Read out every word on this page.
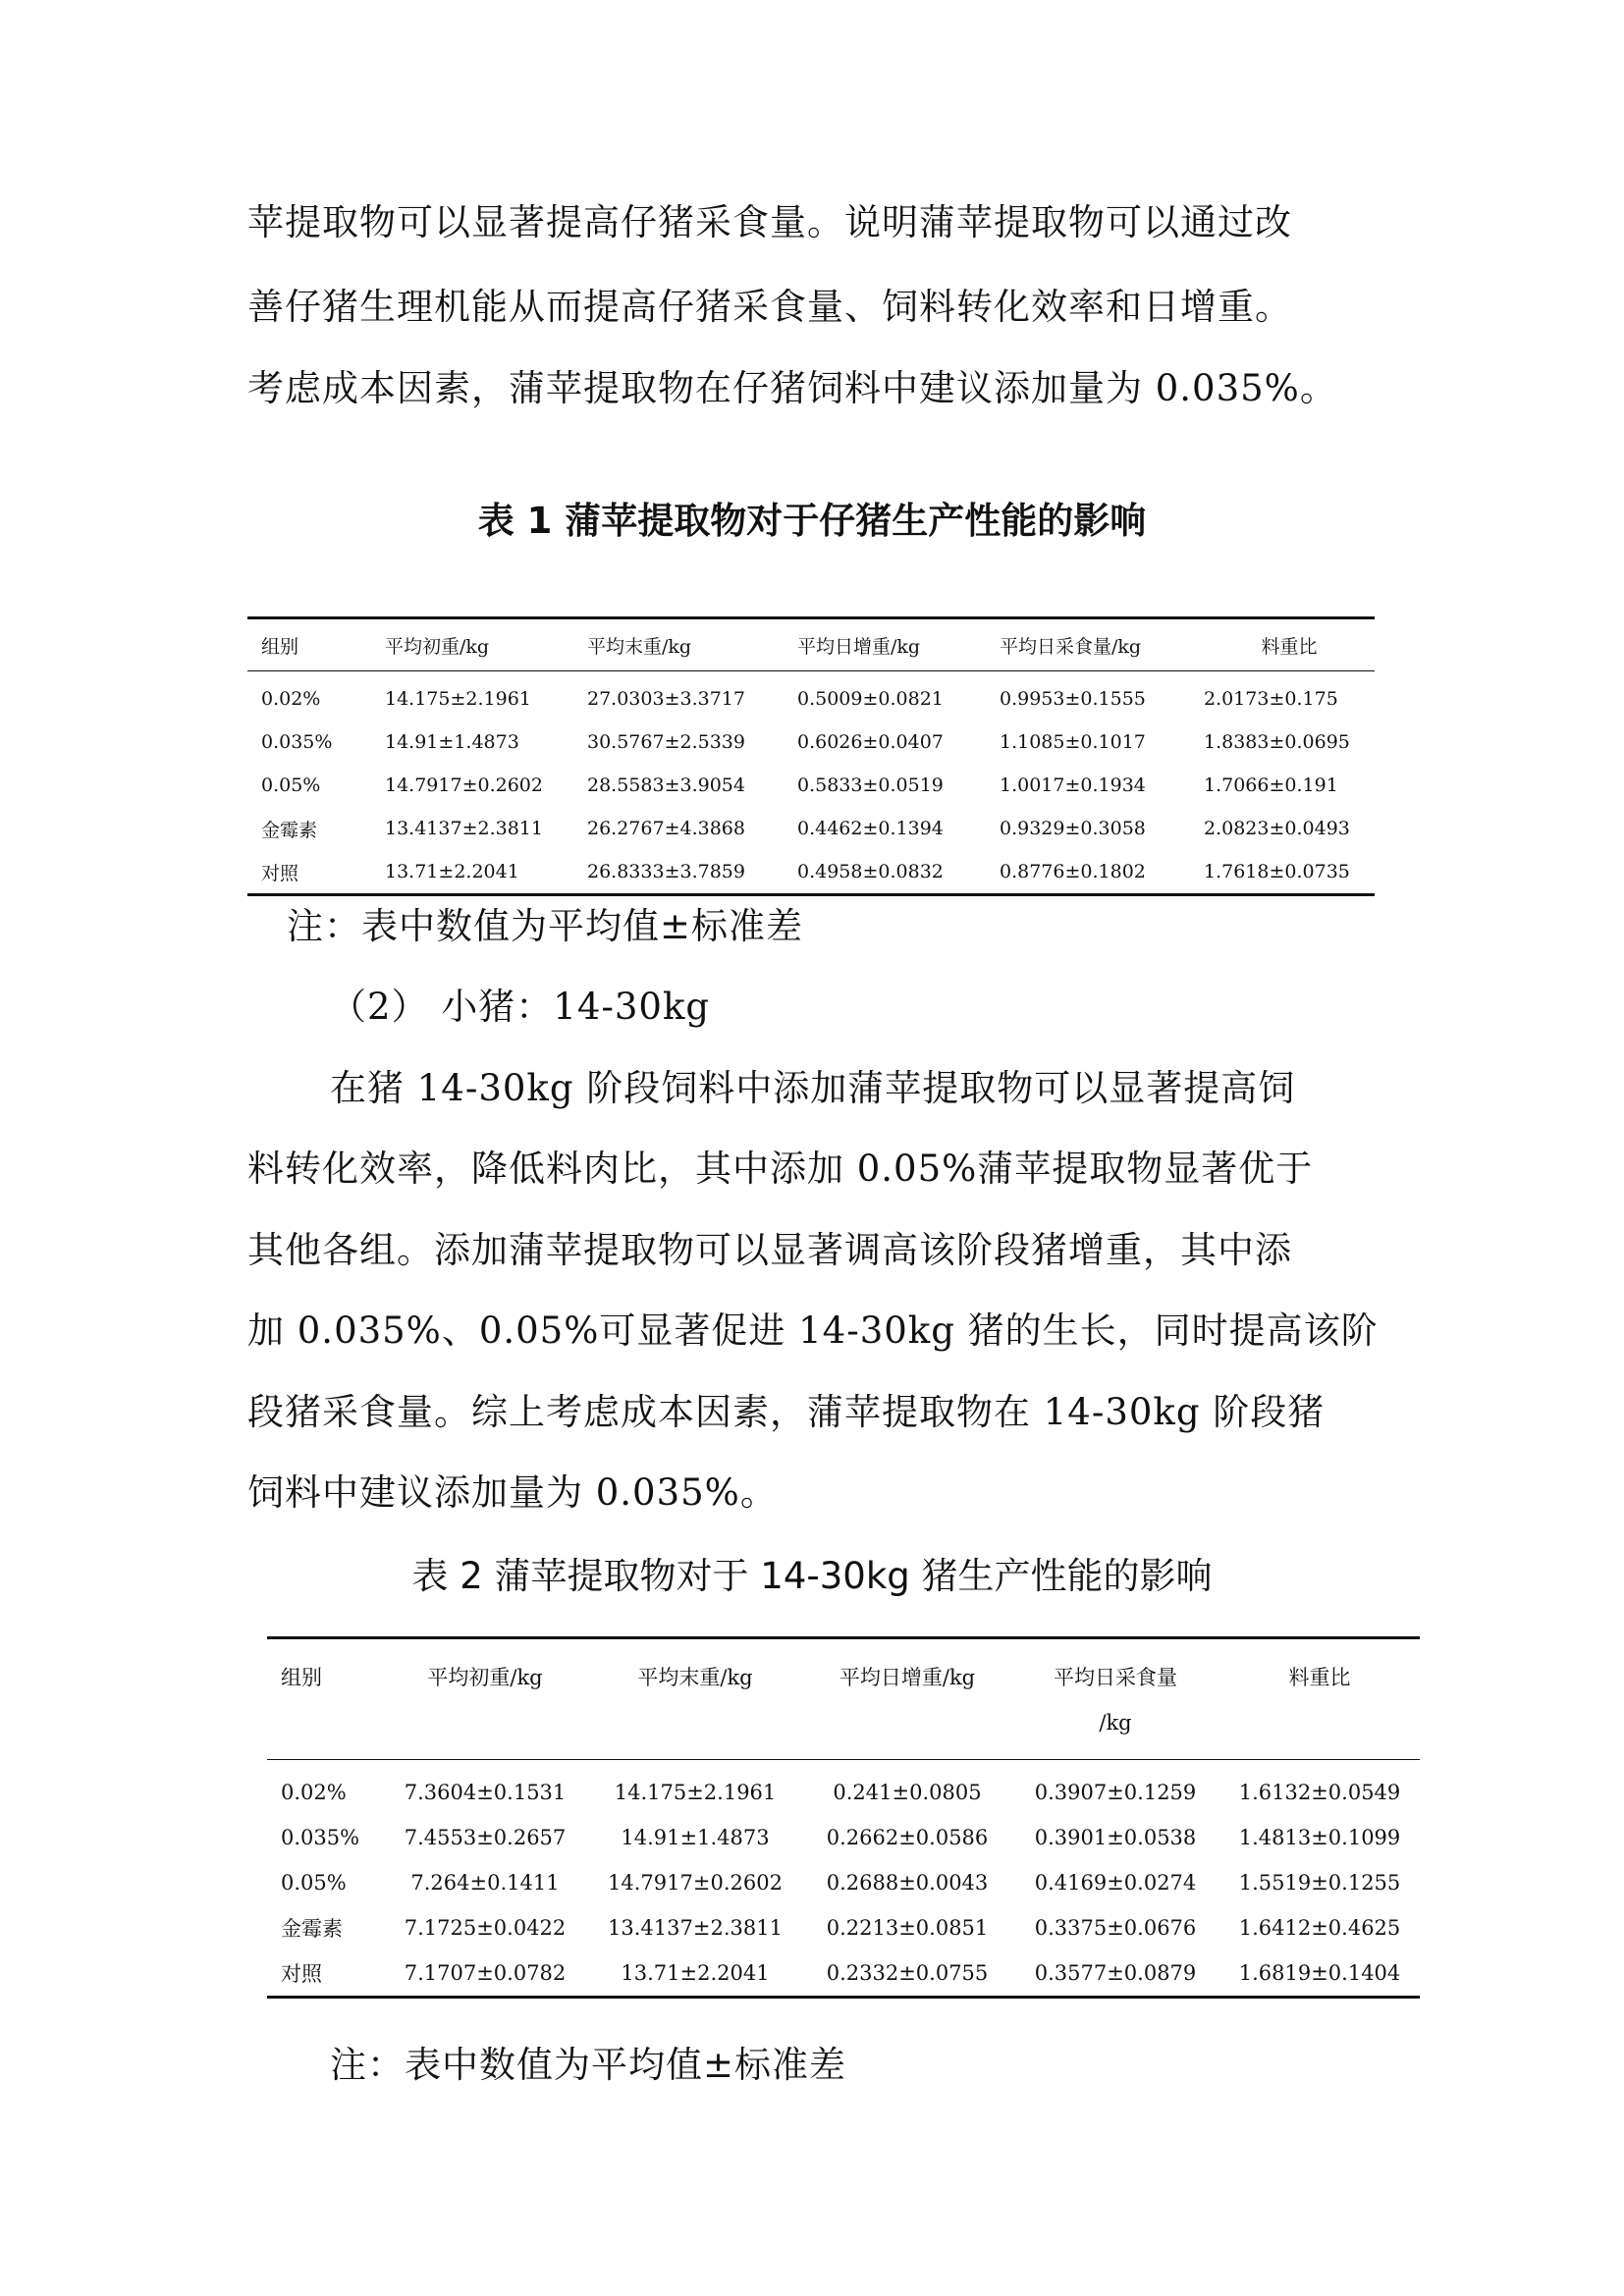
苹提取物可以显著提高仔猪采食量。说明蒲苹提取物可以通过改
善仔猪生理机能从而提高仔猪采食量、饲料转化效率和日增重。
考虑成本因素，蒲苹提取物在仔猪饲料中建议添加量为 0.035%。
表 1 蒲苹提取物对于仔猪生产性能的影响
组别	平均初重/kg	平均末重/kg	平均日增重/kg	平均日采食量/kg	料重比
0.02%	14.175±2.1961	27.0303±3.3717	0.5009±0.0821	0.9953±0.1555	2.0173±0.175
0.035%	14.91±1.4873	30.5767±2.5339	0.6026±0.0407	1.1085±0.1017	1.8383±0.0695
0.05%	14.7917±0.2602	28.5583±3.9054	0.5833±0.0519	1.0017±0.1934	1.7066±0.191
金霉素	13.4137±2.3811	26.2767±4.3868	0.4462±0.1394	0.9329±0.3058	2.0823±0.0493
对照	13.71±2.2041	26.8333±3.7859	0.4958±0.0832	0.8776±0.1802	1.7618±0.0735
注：表中数值为平均值±标准差
（2） 小猪：14-30kg
在猪 14-30kg 阶段饲料中添加蒲苹提取物可以显著提高饲
料转化效率，降低料肉比，其中添加 0.05%蒲苹提取物显著优于
其他各组。添加蒲苹提取物可以显著调高该阶段猪增重，其中添
加 0.035%、0.05%可显著促进 14-30kg 猪的生长，同时提高该阶
段猪采食量。综上考虑成本因素，蒲苹提取物在 14-30kg 阶段猪
饲料中建议添加量为 0.035%。
表 2 蒲苹提取物对于 14-30kg 猪生产性能的影响
组别	平均初重/kg	平均末重/kg	平均日增重/kg	平均日采食量
/kg	料重比
0.02%	7.3604±0.1531	14.175±2.1961	0.241±0.0805	0.3907±0.1259	1.6132±0.0549
0.035%	7.4553±0.2657	14.91±1.4873	0.2662±0.0586	0.3901±0.0538	1.4813±0.1099
0.05%	7.264±0.1411	14.7917±0.2602	0.2688±0.0043	0.4169±0.0274	1.5519±0.1255
金霉素	7.1725±0.0422	13.4137±2.3811	0.2213±0.0851	0.3375±0.0676	1.6412±0.4625
对照	7.1707±0.0782	13.71±2.2041	0.2332±0.0755	0.3577±0.0879	1.6819±0.1404
注：表中数值为平均值±标准差
